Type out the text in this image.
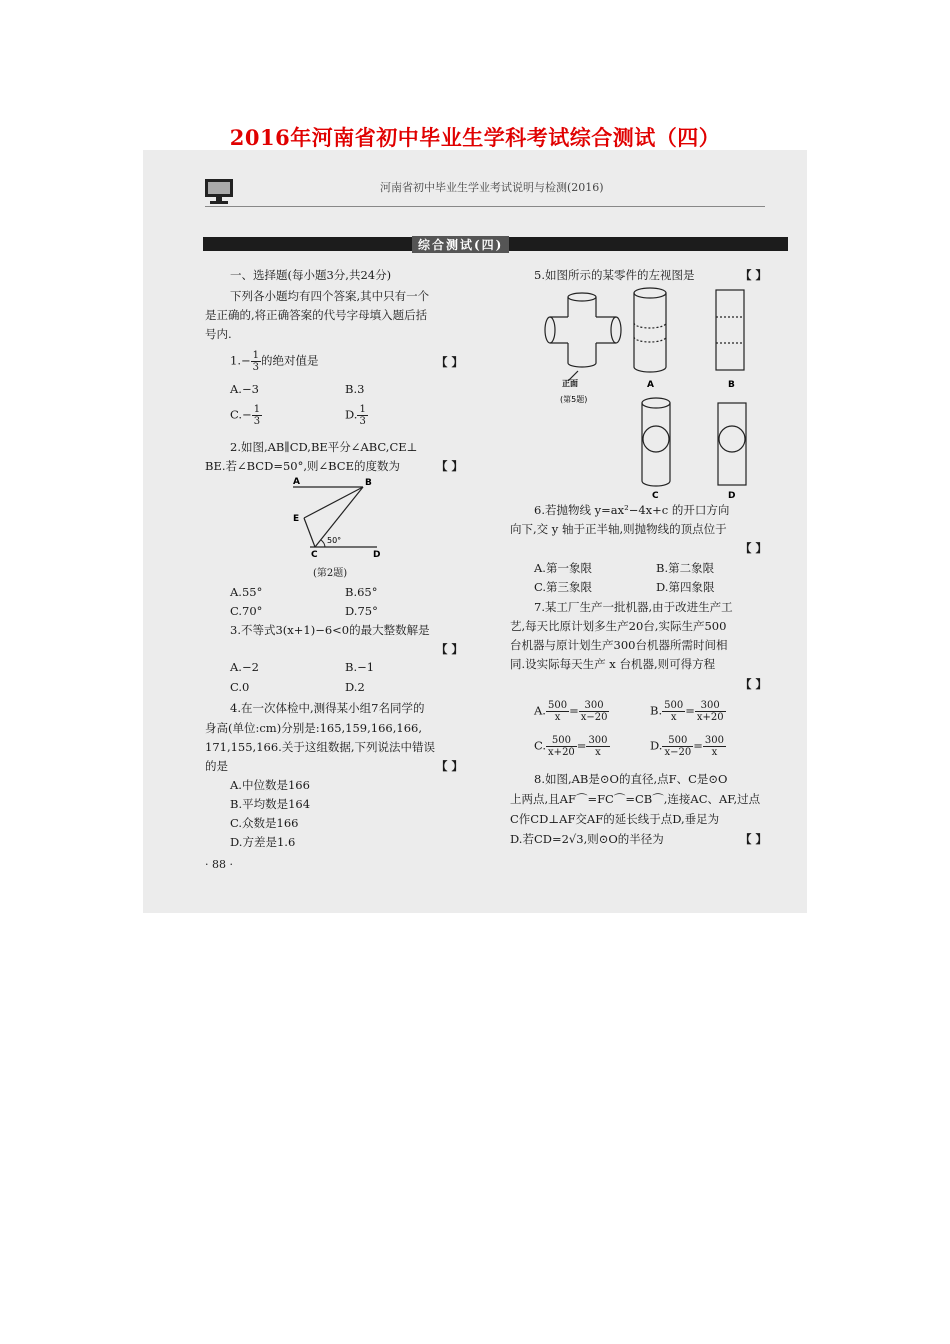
2016年河南省初中毕业生学科考试综合测试（四）
河南省初中毕业生学业考试说明与检测(2016)
综合测试(四)
一、选择题(每小题3分,共24分)
下列各小题均有四个答案,其中只有一个
是正确的,将正确答案的代号字母填入题后括
号内.
$1.- \frac{1}{3}$ 的绝对值是	【 】
A.−3	B.3
$C.- \frac{1}{3}$	D. $\frac{1}{3}$
2.如图,AB∥CD,BE平分∠ABC,CE⊥
BE.若∠BCD=50°,则∠BCE的度数为	【 】
A	B
E
C	D
50°
(第2题)
A.55°	B.65°
C.70°	D.75°
3.不等式3(x+1)−6<0的最大整数解是
【 】
A.−2	B.−1
C.0	D.2
4.在一次体检中,测得某小组7名同学的
身高(单位:cm)分别是:165,159,166,166,
171,155,166.关于这组数据,下列说法中错误
的是	【 】
A.中位数是166
B.平均数是164
C.众数是166
D.方差是1.6
· 88 ·
5.如图所示的某零件的左视图是	【 】
正面
(第5题)
A	B
C	D
6.若抛物线 y=ax²−4x+c 的开口方向
向下,交 y 轴于正半轴,则抛物线的顶点位于
【 】
A.第一象限	B.第二象限
C.第三象限	D.第四象限
7.某工厂生产一批机器,由于改进生产工
艺,每天比原计划多生产20台,实际生产500
台机器与原计划生产300台机器所需时间相
同.设实际每天生产 x 台机器,则可得方程
【 】
A. $\frac{500}{x} = \frac{300}{x-20}$	B. $\frac{500}{x} = \frac{300}{x+20}$
C. $\frac{500}{x+20} = \frac{300}{x}$	D. $\frac{500}{x-20} = \frac{300}{x}$
8.如图,AB是⊙O的直径,点F、C是⊙O
上两点,且AF⌒=FC⌒=CB⌒,连接AC、AF,过点
C作CD⊥AF交AF的延长线于点D,垂足为
D.若CD=2√3,则⊙O的半径为	【 】
